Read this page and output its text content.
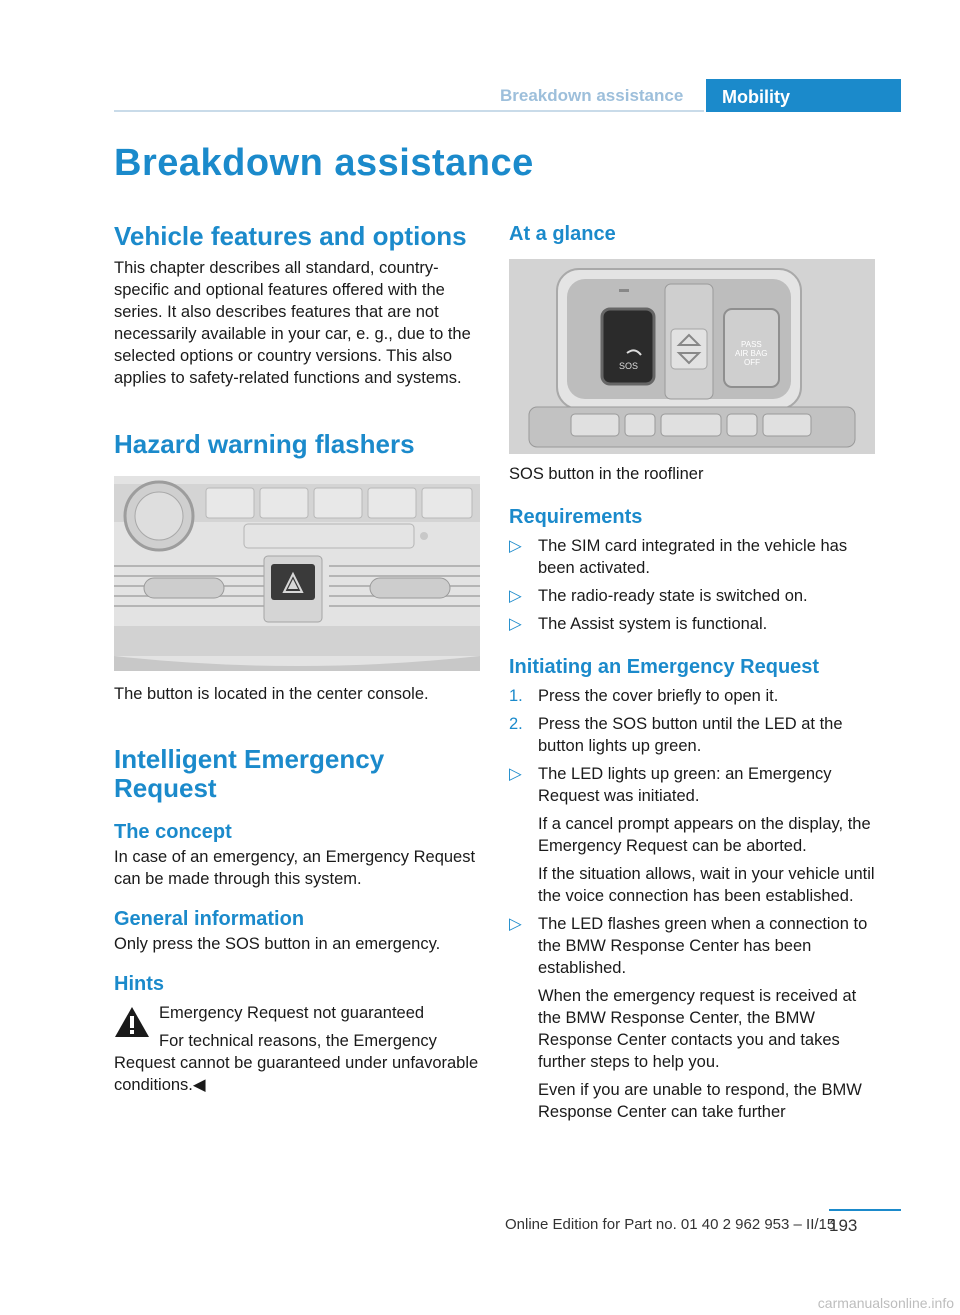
Breakdown assistance	Mobility
Breakdown assistance
Vehicle features and options

This chapter describes all standard, country-specific and optional features offered with the series. It also describes features that are not necessarily available in your car, e. g., due to the selected options or country versions. This also applies to safety-related functions and systems.

Hazard warning flashers

The button is located in the center console.

Intelligent Emergency Request
The concept

In case of an emergency, an Emergency Request can be made through this system.

General information

Only press the SOS button in an emergency.

Hints
Emergency Request not guaranteed
For technical reasons, the Emergency Request cannot be guaranteed under unfavorable conditions.◀
At a glance
SOS
PASS
AIR BAG
OFF

SOS button in the roofliner

Requirements
▷ The SIM card integrated in the vehicle has been activated.
▷ The radio-ready state is switched on.
▷ The Assist system is functional.
Initiating an Emergency Request
1. Press the cover briefly to open it.
2. Press the SOS button until the LED at the button lights up green.
▷ The LED lights up green: an Emergency Request was initiated.
If a cancel prompt appears on the display, the Emergency Request can be aborted.
If the situation allows, wait in your vehicle until the voice connection has been established.
▷ The LED flashes green when a connection to the BMW Response Center has been established.
When the emergency request is received at the BMW Response Center, the BMW Response Center contacts you and takes further steps to help you.
Even if you are unable to respond, the BMW Response Center can take further
Online Edition for Part no. 01 40 2 962 953 – II/15
193
carmanualsonline.info
